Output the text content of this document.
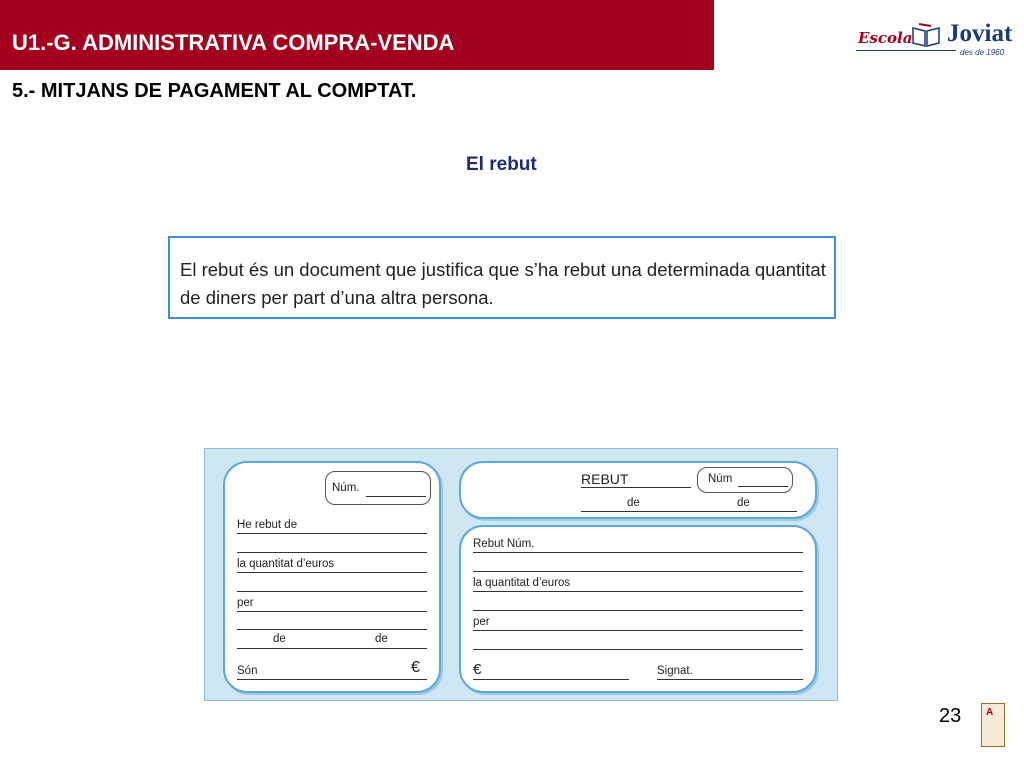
U1.-G. ADMINISTRATIVA COMPRA-VENDA	Escola Joviat
des de 1960
5.- MITJANS DE PAGAMENT AL COMPTAT.
El rebut
El rebut és un document que justifica que s’ha rebut una determinada quantitat de diners per part d’una altra persona.
Núm.
He rebut de
la quantitat d’euros
per
de	de
Són	€
REBUT	Núm
de	de
Rebut Núm.
la quantitat d’euros
per
€	Signat.
23 A
